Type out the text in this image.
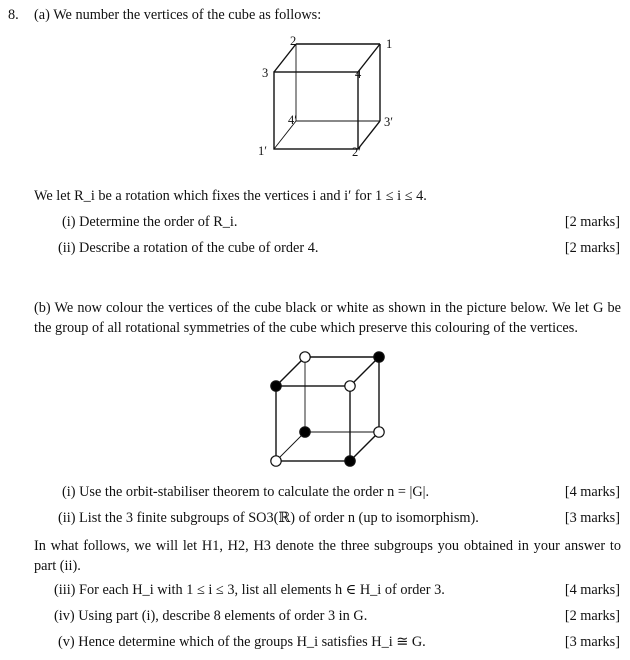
8. (a) We number the vertices of the cube as follows:
1
2
3	4
1′	2′
3′
4′
We let R_i be a rotation which fixes the vertices i and i′ for 1 ≤ i ≤ 4.
(i) Determine the order of R_i.	[2 marks]
(ii) Describe a rotation of the cube of order 4.	[2 marks]
(b) We now colour the vertices of the cube black or white as shown in the picture below. We let G be the group of all rotational symmetries of the cube which preserve this colouring of the vertices.
(i) Use the orbit-stabiliser theorem to calculate the order n = |G|.	[4 marks]
(ii) List the 3 finite subgroups of SO3(ℝ) of order n (up to isomorphism).	[3 marks]
In what follows, we will let H1, H2, H3 denote the three subgroups you obtained in your answer to part (ii).
(iii) For each H_i with 1 ≤ i ≤ 3, list all elements h ∈ H_i of order 3.	[4 marks]
(iv) Using part (i), describe 8 elements of order 3 in G.	[2 marks]
(v) Hence determine which of the groups H_i satisfies H_i ≅ G.	[3 marks]
